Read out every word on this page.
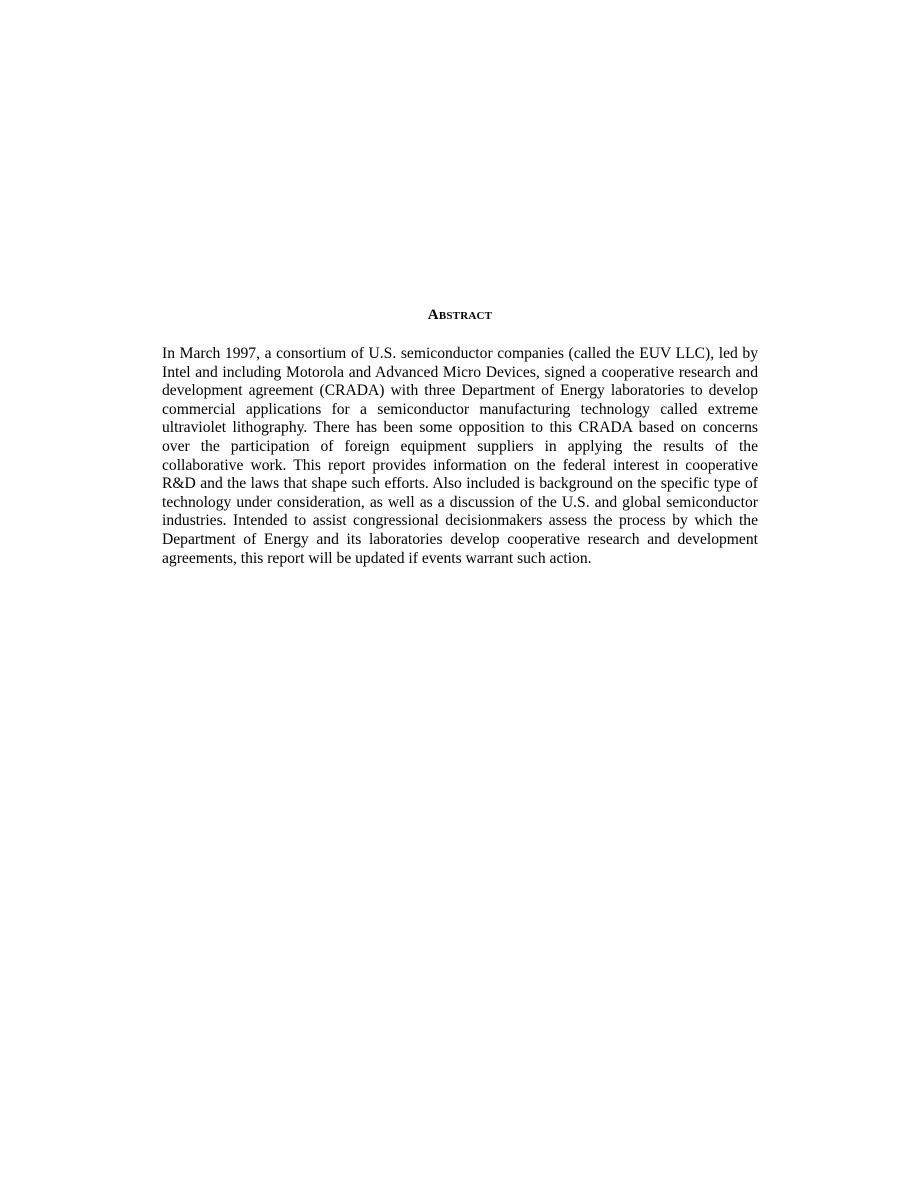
Abstract

In March 1997, a consortium of U.S. semiconductor companies (called the EUV LLC), led by Intel and including Motorola and Advanced Micro Devices, signed a cooperative research and development agreement (CRADA) with three Department of Energy laboratories to develop commercial applications for a semiconductor manufacturing technology called extreme ultraviolet lithography. There has been some opposition to this CRADA based on concerns over the participation of foreign equipment suppliers in applying the results of the collaborative work. This report provides information on the federal interest in cooperative R&D and the laws that shape such efforts. Also included is background on the specific type of technology under consideration, as well as a discussion of the U.S. and global semiconductor industries. Intended to assist congressional decisionmakers assess the process by which the Department of Energy and its laboratories develop cooperative research and development agreements, this report will be updated if events warrant such action.
